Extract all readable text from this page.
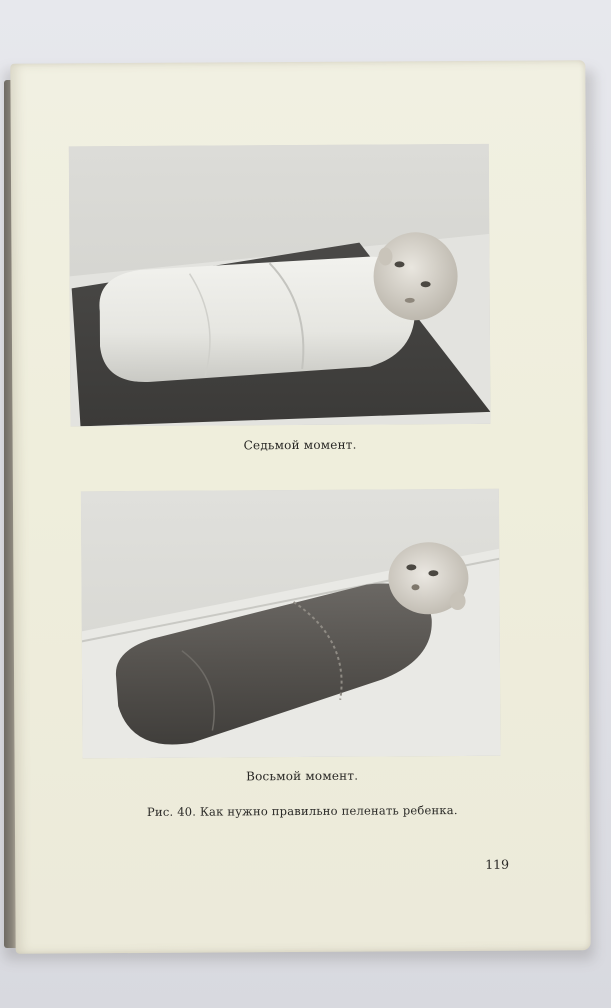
Седьмой момент.
Восьмой момент.
Рис. 40. Как нужно правильно пеленать ребенка.
119
